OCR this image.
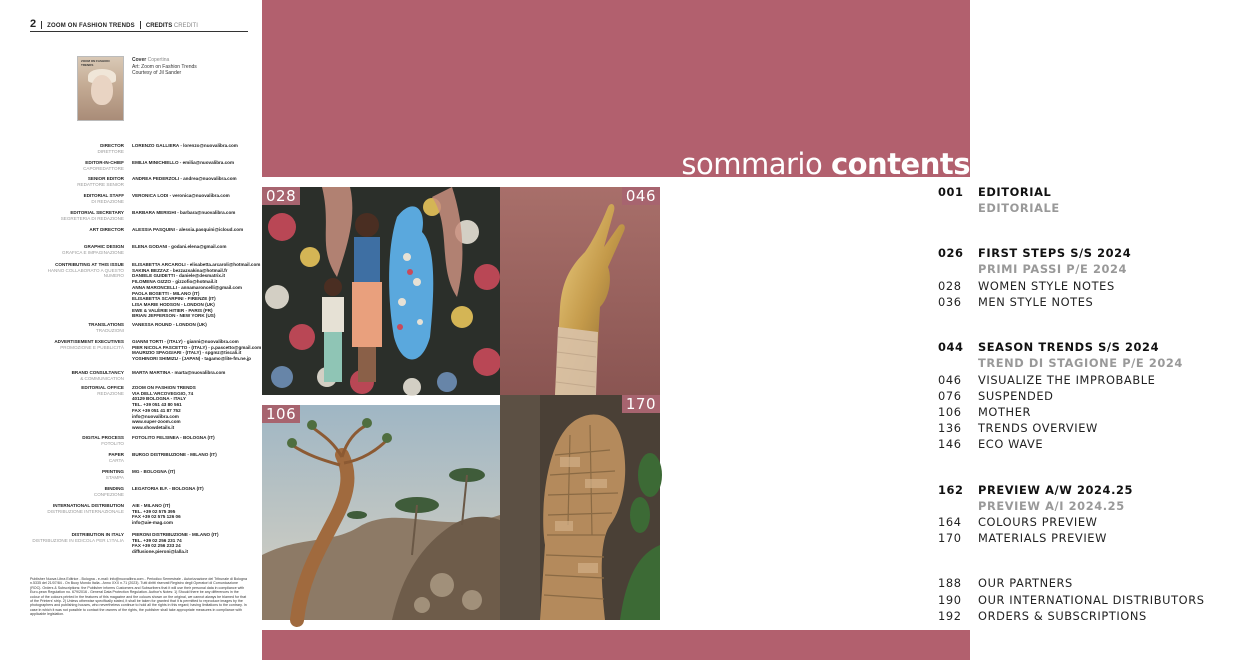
2 ZOOM ON FASHION TRENDS CREDITS CREDITI
ZOOM ON FASHION TRENDS
Cover Copertina
Art: Zoom on Fashion Trends
Courtesy of Jil Sander
DIRECTOR
DIRETTORE
LORENZO GALLIERA - lorenzo@nuovalibra.com
EDITOR-IN-CHIEF
CAPOREDATTORE
EMILIA MINICHIELLO - emilia@nuovalibra.com
SENIOR EDITOR
REDATTORE SENIOR
ANDREA PEDERZOLI - andrea@nuovalibra.com
EDITORIAL STAFF
DI REDAZIONE
VERONICA LODI - veronica@nuovalibra.com
EDITORIAL SECRETARY
SEGRETERIA DI REDAZIONE
BARBARA MERIGHI - barbara@nuovalibra.com
ART DIRECTOR ALESSIA PASQUINI - alessia.pasquini@icloud.com
GRAPHIC DESIGN
GRAFICA E IMPAGINAZIONE
ELENA GODANI - godani.elena@gmail.com
CONTRIBUTING AT THIS ISSUE
HANNO COLLABORATO A QUESTO NUMERO
ELISABETTA ARCAROLI - elisabetta.arcaroli@hotmail.com
SAKINA BEZZAZ - bezzazsakina@hotmail.fr
DANIELE GUIDETTI - daniele@desmatrix.it
FILOMENA GIZZO - gizzofio@hotmail.it
ANNA MARONCELLI - annamaroncelli@gmail.com
PAOLA BOSETTI - MILANO (IT)
ELISABETTA SCARPINI - FIRENZE (IT)
LISA MARIE HODSON - LONDON (UK)
EWE & VALÉRIE HITIER - PARIS (FR)
BRIAN JEFFERSON - NEW YORK (US)
TRANSLATIONS
TRADUZIONI
VANESSA ROUND - LONDON (UK)
ADVERTISEMENT EXECUTIVES
PROMOZIONE E PUBBLICITÀ
GIANNI TORTI - (ITALY) - gianni@nuovalibra.com
PIER NICOLA PASCETTO - (ITALY) - p.pascetto@gmail.com
MAURIZIO SPAGGIARI - (ITALY) - spgmz@tiscali.it
YOSHINORI SHIMIZU - (JAPAN) - tagamo@lite-fm.ne.jp
BRAND CONSULTANCY
& COMMUNICATION
MARTA MARTINA - marta@nuovalibra.com
EDITORIAL OFFICE
REDAZIONE
ZOOM ON FASHION TRENDS
VIA DELL'ARCOVEGGIO, 74
40129 BOLOGNA - ITALY
TEL. +39 051 43 80 561
FAX +39 051 41 87 752
info@nuovalibra.com
www.super-zoom.com
www.showdetails.it
DIGITAL PROCESS
FOTOLITO
FOTOLITO FELSINEA - BOLOGNA (IT)
PAPER
CARTA
BURGO DISTRIBUZIONE - MILANO (IT)
PRINTING
STAMPA
MG - BOLOGNA (IT)
BINDING
CONFEZIONE
LEGATORIA B.F. - BOLOGNA (IT)
INTERNATIONAL DISTRIBUTION
DISTRIBUZIONE INTERNAZIONALE
AIE - MILANO (IT)
TEL. +39 02 575 395
FAX +39 02 575 126 06
info@aie-mag.com
DISTRIBUTION IN ITALY
DISTRIBUZIONE IN EDICOLA PER L'ITALIA
PIERONI DISTRIBUZIONE - MILANO (IT)
TEL. +39 02 256 231 74
FAX +39 02 256 233 24
diffusione.pieroni@lalla.it
Publisher Nuova Libra Editrice - Bologna - e-mail: info@nuovalibra.com - Periodico Semestrale - Autorizzazione del Tribunale di Bologna n.5335 del 21/07/84 - On Buoy Mondo Italia - Anno XXX n.71 (2023). Tutti diritti riservati Registro degli Operatori di Comunicazione (ROC). Orders & Subscriptions: the Publisher informs Customers and Subscribers that it will use their personal data in compliance with Euro-pean Regulation no. 679/2016 - General Data Protection Regulation. Author's Notes: 1) Should there be any differences in the colour of the colours printed in the features of this magazine and the colours shown on the original, we cannot always be blamed for that of the Printers' strip. 2) Unless otherwise specifically stated, it shall be taken for granted that it is permitted to reproduce images by the photographers and publishing houses, who nevertheless continue to hold all the rights in this regard; having limitations to the contrary. In case in which it was not possible to contact the owners of the rights, the publisher shall take appropriate measures in compliance with applicable legislation.
sommario contents
028	046
106
170
001 EDITORIAL
EDITORIALE
026 FIRST STEPS S/S 2024
PRIMI PASSI P/E 2024
028 WOMEN STYLE NOTES
036 MEN STYLE NOTES
044 SEASON TRENDS S/S 2024
TREND DI STAGIONE P/E 2024
046 VISUALIZE THE IMPROBABLE
076 SUSPENDED
106 MOTHER
136 TRENDS OVERVIEW
146 ECO WAVE
162 PREVIEW A/W 2024.25
PREVIEW A/I 2024.25
164 COLOURS PREVIEW
170 MATERIALS PREVIEW
188 OUR PARTNERS
190 OUR INTERNATIONAL DISTRIBUTORS
192 ORDERS & SUBSCRIPTIONS
